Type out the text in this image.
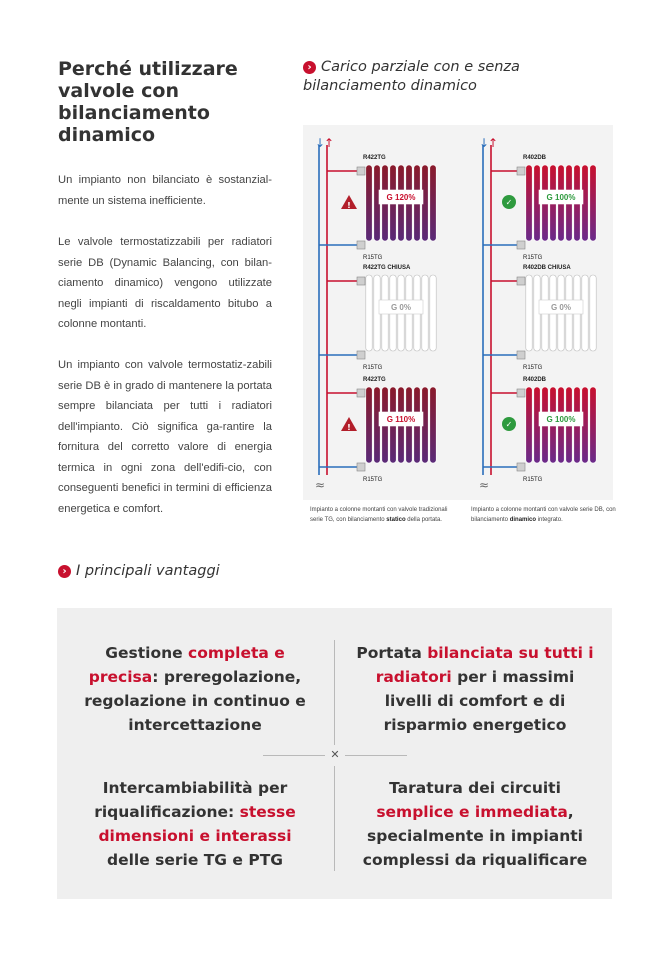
Perché utilizzare valvole con bilanciamento dinamico

Un impianto non bilanciato è sostanzial-mente un sistema inefficiente.

Le valvole termostatizzabili per radiatori serie DB (Dynamic Balancing, con bilan-ciamento dinamico) vengono utilizzate negli impianti di riscaldamento bitubo a colonne montanti.

Un impianto con valvole termostatiz-zabili serie DB è in grado di mantenere la portata sempre bilanciata per tutti i radiatori dell'impianto. Ciò significa ga-rantire la fornitura del corretto valore di energia termica in ogni zona dell'edifi-cio, con conseguenti benefici in termini di efficienza energetica e comfort.

› Carico parziale con e senza bilanciamento dinamico
↓
↑
≈
R422TG
G 120%
R15TG
!
R422TG CHIUSA
G 0%
R15TG
R422TG
G 110%
R15TG
!
↓
↑
≈
R402DB
G 100%
R15TG
✓
R402DB CHIUSA
G 0%
R15TG
R402DB
G 100%
R15TG
✓
Impianto a colonne montanti con valvole tradizionali serie TG, con bilanciamento statico della portata.
Impianto a colonne montanti con valvole serie DB, con bilanciamento dinamico integrato.
› I principali vantaggi
✕
Gestione completa e precisa: preregolazione, regolazione in continuo e intercettazione
Portata bilanciata su tutti i radiatori per i massimi livelli di comfort e di risparmio energetico
Intercambiabilità per riqualificazione: stesse dimensioni e interassi delle serie TG e PTG
Taratura dei circuiti semplice e immediata, specialmente in impianti complessi da riqualificare
